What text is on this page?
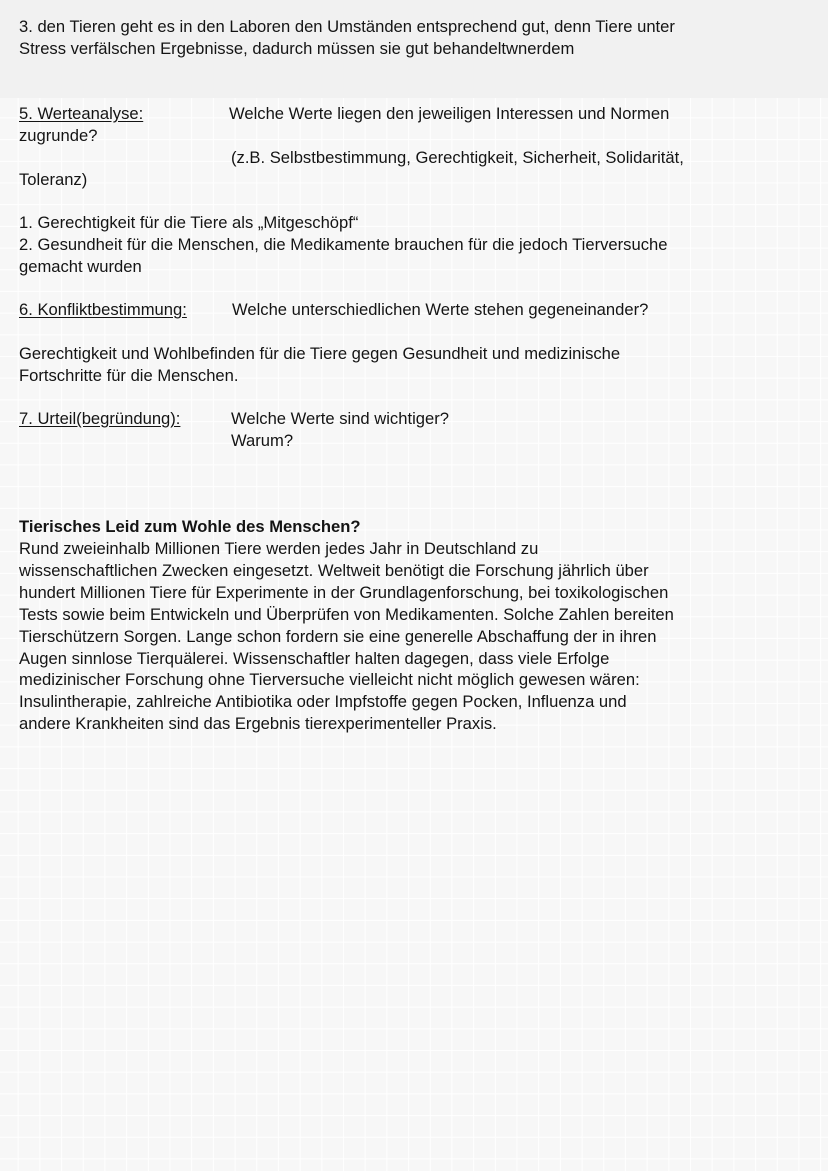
3. den Tieren geht es in den Laboren den Umständen entsprechend gut, denn Tiere unter
Stress verfälschen Ergebnisse, dadurch müssen sie gut behandeltwnerdem
5. Werteanalyse:	Welche Werte liegen den jeweiligen Interessen und Normen
zugrunde?
(z.B. Selbstbestimmung, Gerechtigkeit, Sicherheit, Solidarität,
Toleranz)
1. Gerechtigkeit für die Tiere als „Mitgeschöpf“
2. Gesundheit für die Menschen, die Medikamente brauchen für die jedoch Tierversuche
gemacht wurden
6. Konfliktbestimmung:	Welche unterschiedlichen Werte stehen gegeneinander?
Gerechtigkeit und Wohlbefinden für die Tiere gegen Gesundheit und medizinische
Fortschritte für die Menschen.
7. Urteil(begründung):	Welche Werte sind wichtiger?
Warum?
Tierisches Leid zum Wohle des Menschen?
Rund zweieinhalb Millionen Tiere werden jedes Jahr in Deutschland zu
wissenschaftlichen Zwecken eingesetzt. Weltweit benötigt die Forschung jährlich über
hundert Millionen Tiere für Experimente in der Grundlagenforschung, bei toxikologischen
Tests sowie beim Entwickeln und Überprüfen von Medikamenten. Solche Zahlen bereiten
Tierschützern Sorgen. Lange schon fordern sie eine generelle Abschaffung der in ihren
Augen sinnlose Tierquälerei. Wissenschaftler halten dagegen, dass viele Erfolge
medizinischer Forschung ohne Tierversuche vielleicht nicht möglich gewesen wären:
Insulintherapie, zahlreiche Antibiotika oder Impfstoffe gegen Pocken, Influenza und
andere Krankheiten sind das Ergebnis tierexperimenteller Praxis.
